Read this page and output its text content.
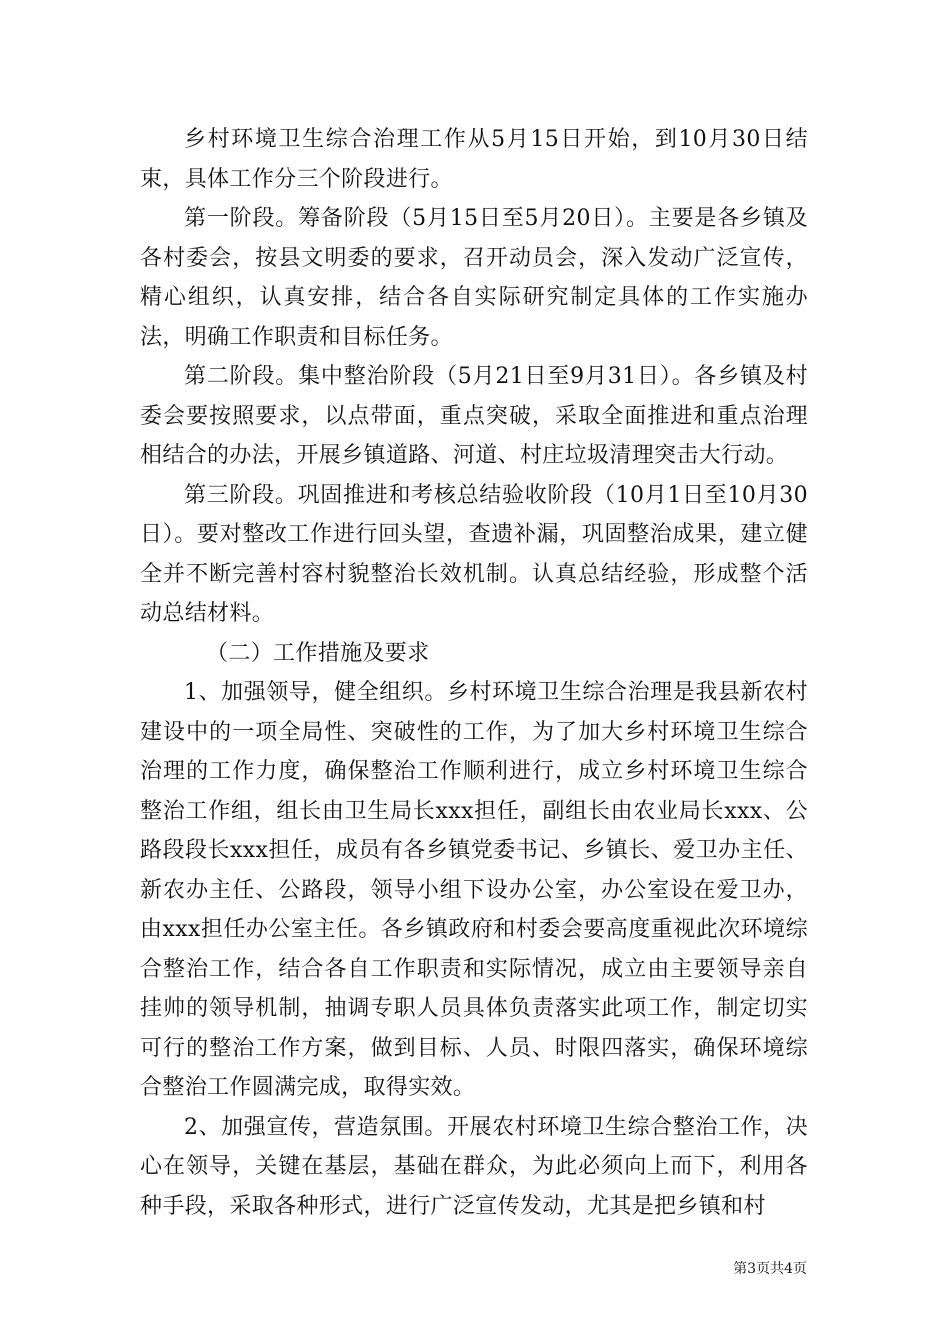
乡村环境卫生综合治理工作从5月15日开始，到10月30日结束，具体工作分三个阶段进行。

第一阶段。筹备阶段（5月15日至5月20日）。主要是各乡镇及各村委会，按县文明委的要求，召开动员会，深入发动广泛宣传，精心组织，认真安排，结合各自实际研究制定具体的工作实施办法，明确工作职责和目标任务。

第二阶段。集中整治阶段（5月21日至9月31日）。各乡镇及村委会要按照要求，以点带面，重点突破，采取全面推进和重点治理相结合的办法，开展乡镇道路、河道、村庄垃圾清理突击大行动。

第三阶段。巩固推进和考核总结验收阶段（10月1日至10月30日）。要对整改工作进行回头望，查遗补漏，巩固整治成果，建立健全并不断完善村容村貌整治长效机制。认真总结经验，形成整个活动总结材料。

（二）工作措施及要求

1、加强领导，健全组织。乡村环境卫生综合治理是我县新农村建设中的一项全局性、突破性的工作，为了加大乡村环境卫生综合治理的工作力度，确保整治工作顺利进行，成立乡村环境卫生综合整治工作组，组长由卫生局长xxx担任，副组长由农业局长xxx、公路段段长xxx担任，成员有各乡镇党委书记、乡镇长、爱卫办主任、新农办主任、公路段，领导小组下设办公室，办公室设在爱卫办，由xxx担任办公室主任。各乡镇政府和村委会要高度重视此次环境综合整治工作，结合各自工作职责和实际情况，成立由主要领导亲自挂帅的领导机制，抽调专职人员具体负责落实此项工作，制定切实可行的整治工作方案，做到目标、人员、时限四落实，确保环境综合整治工作圆满完成，取得实效。

2、加强宣传，营造氛围。开展农村环境卫生综合整治工作，决心在领导，关键在基层，基础在群众，为此必须向上而下，利用各种手段，采取各种形式，进行广泛宣传发动，尤其是把乡镇和村

第3页共4页
